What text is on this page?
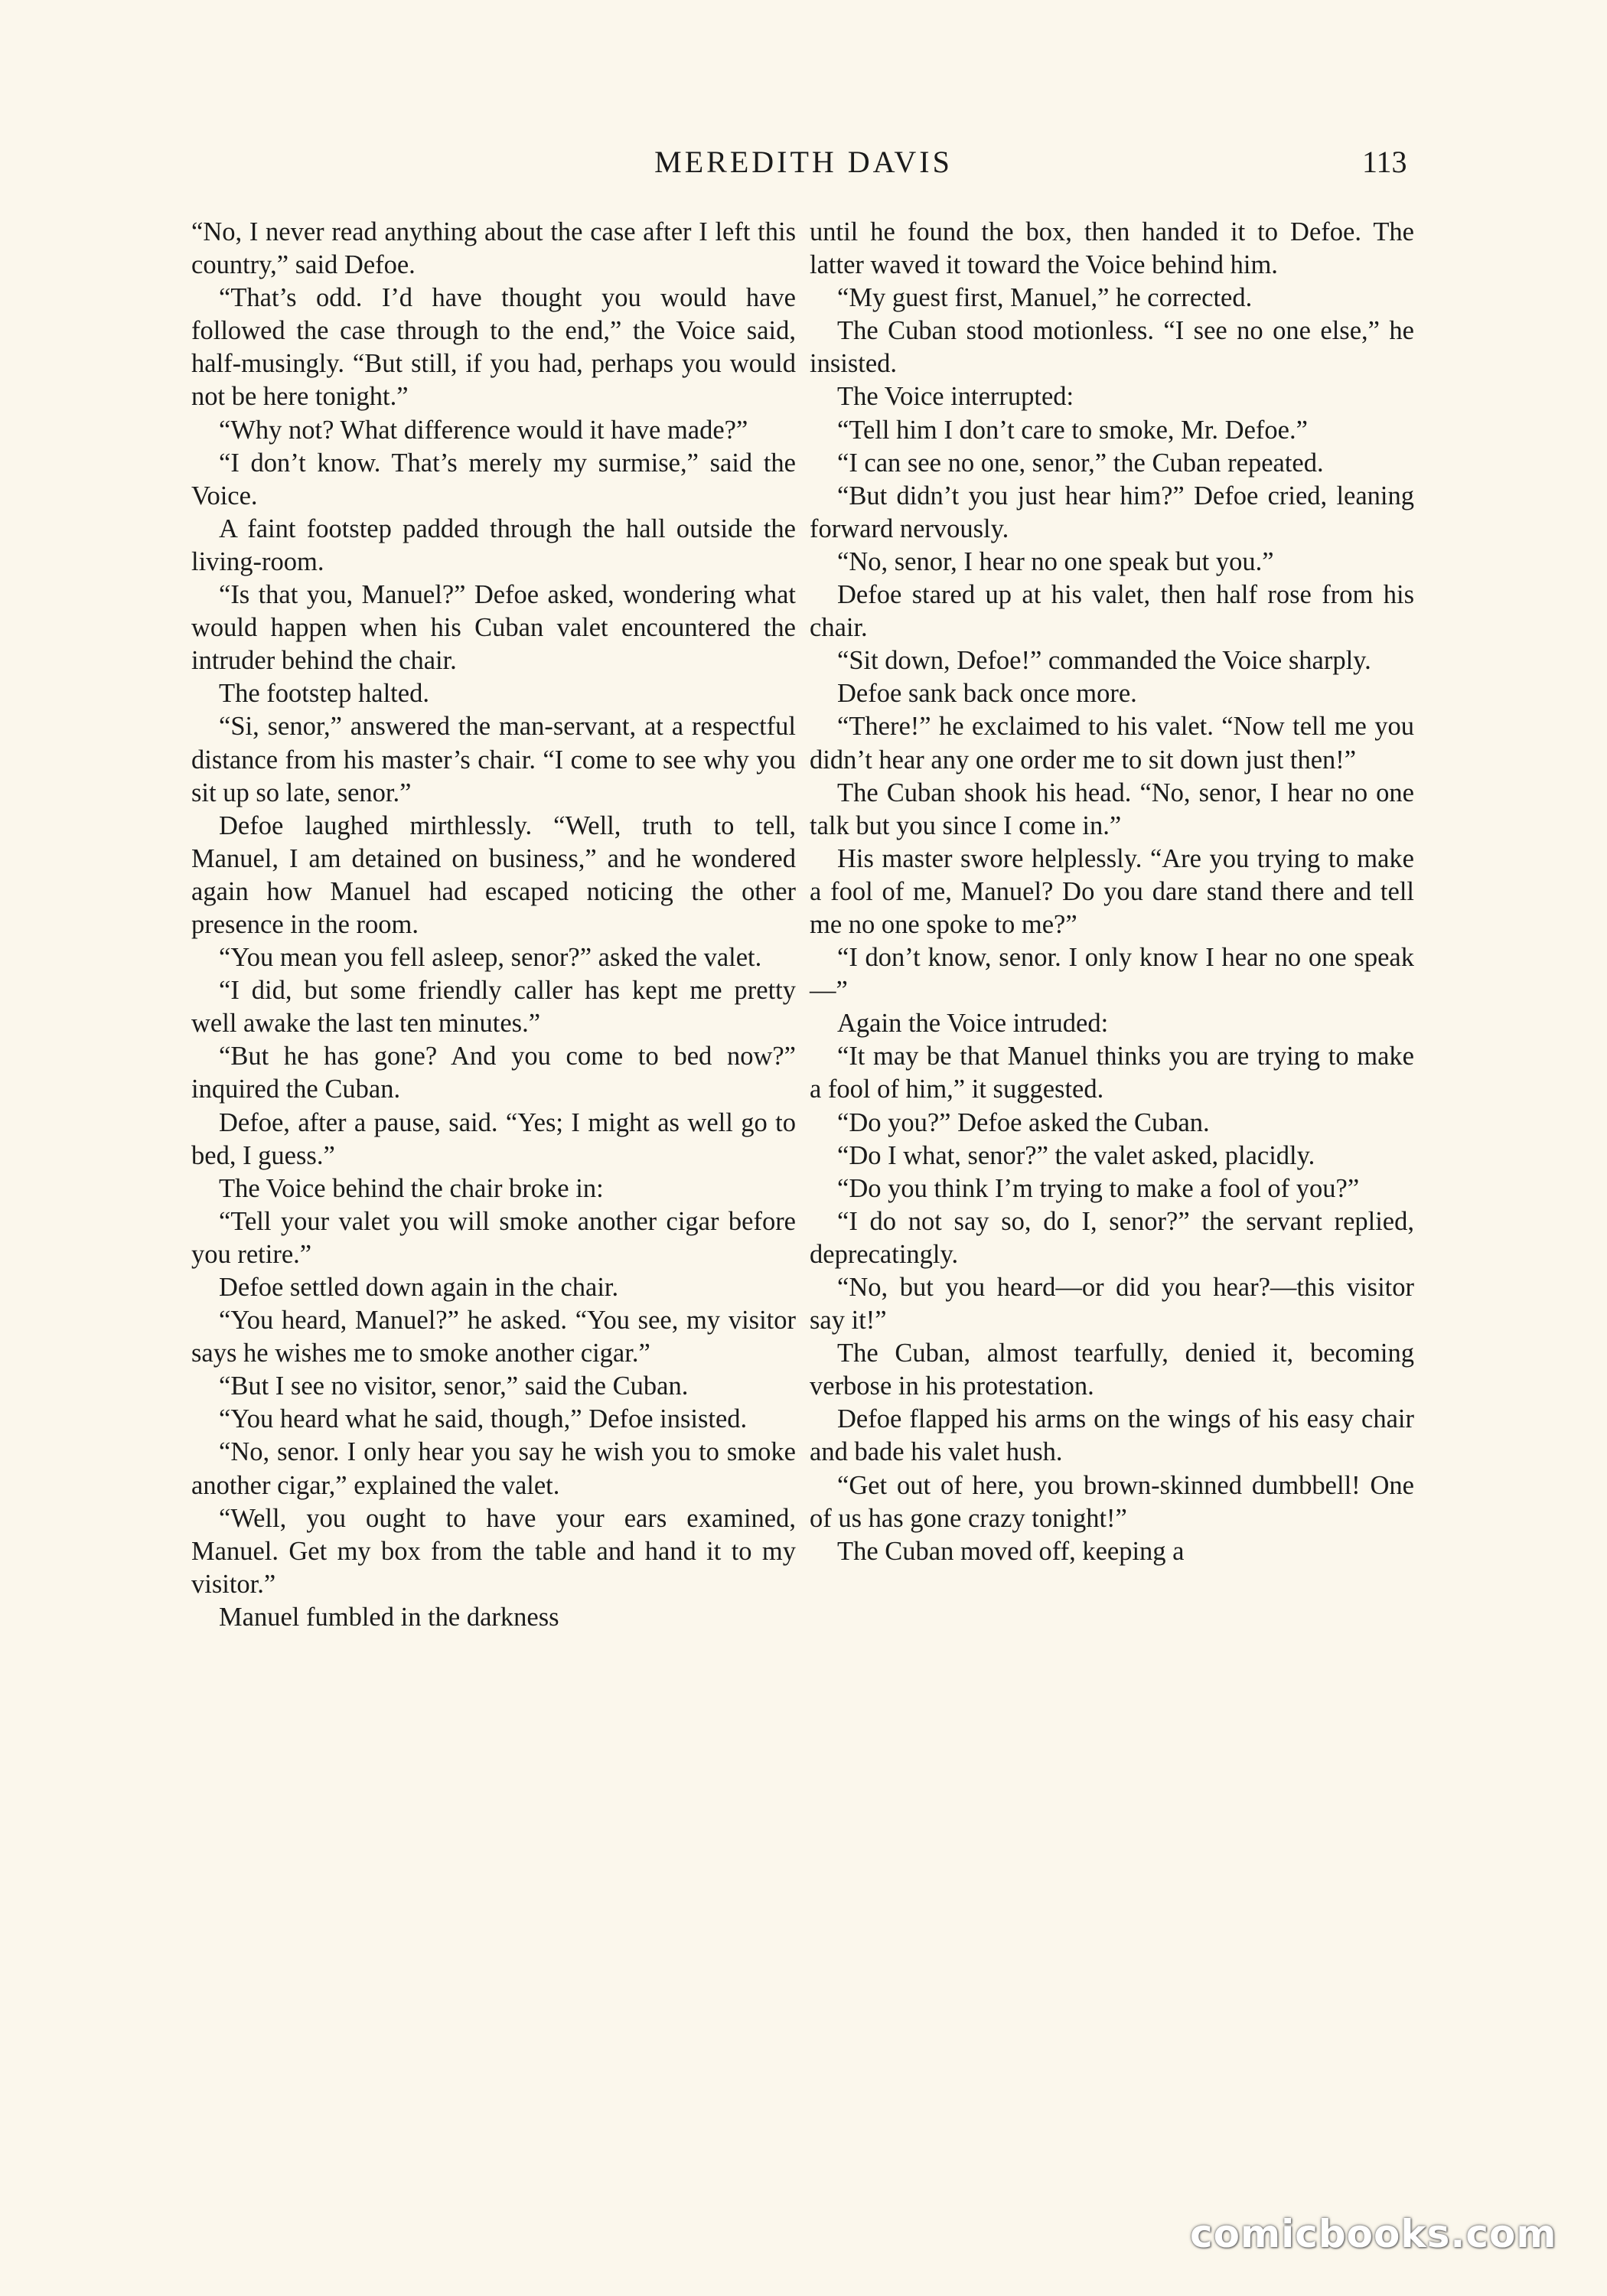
MEREDITH DAVIS	113

“No, I never read anything about the case after I left this country,” said Defoe.

“That’s odd. I’d have thought you would have followed the case through to the end,” the Voice said, half-musingly. “But still, if you had, perhaps you would not be here tonight.”

“Why not? What difference would it have made?”

“I don’t know. That’s merely my surmise,” said the Voice.

A faint footstep padded through the hall outside the living-room.

“Is that you, Manuel?” Defoe asked, wondering what would happen when his Cuban valet encountered the intruder behind the chair.

The footstep halted.

“Si, senor,” answered the man-servant, at a respectful distance from his master’s chair. “I come to see why you sit up so late, senor.”

Defoe laughed mirthlessly. “Well, truth to tell, Manuel, I am detained on business,” and he wondered again how Manuel had escaped noticing the other presence in the room.

“You mean you fell asleep, senor?” asked the valet.

“I did, but some friendly caller has kept me pretty well awake the last ten minutes.”

“But he has gone? And you come to bed now?” inquired the Cuban.

Defoe, after a pause, said. “Yes; I might as well go to bed, I guess.”

The Voice behind the chair broke in:

“Tell your valet you will smoke another cigar before you retire.”

Defoe settled down again in the chair.

“You heard, Manuel?” he asked. “You see, my visitor says he wishes me to smoke another cigar.”

“But I see no visitor, senor,” said the Cuban.

“You heard what he said, though,” Defoe insisted.

“No, senor. I only hear you say he wish you to smoke another cigar,” explained the valet.

“Well, you ought to have your ears examined, Manuel. Get my box from the table and hand it to my visitor.”

Manuel fumbled in the darkness

until he found the box, then handed it to Defoe. The latter waved it toward the Voice behind him.

“My guest first, Manuel,” he corrected.

The Cuban stood motionless. “I see no one else,” he insisted.

The Voice interrupted:

“Tell him I don’t care to smoke, Mr. Defoe.”

“I can see no one, senor,” the Cuban repeated.

“But didn’t you just hear him?” Defoe cried, leaning forward nervously.

“No, senor, I hear no one speak but you.”

Defoe stared up at his valet, then half rose from his chair.

“Sit down, Defoe!” commanded the Voice sharply.

Defoe sank back once more.

“There!” he exclaimed to his valet. “Now tell me you didn’t hear any one order me to sit down just then!”

The Cuban shook his head. “No, senor, I hear no one talk but you since I come in.”

His master swore helplessly. “Are you trying to make a fool of me, Manuel? Do you dare stand there and tell me no one spoke to me?”

“I don’t know, senor. I only know I hear no one speak—”

Again the Voice intruded:

“It may be that Manuel thinks you are trying to make a fool of him,” it suggested.

“Do you?” Defoe asked the Cuban.

“Do I what, senor?” the valet asked, placidly.

“Do you think I’m trying to make a fool of you?”

“I do not say so, do I, senor?” the servant replied, deprecatingly.

“No, but you heard—or did you hear?—this visitor say it!”

The Cuban, almost tearfully, denied it, becoming verbose in his protestation.

Defoe flapped his arms on the wings of his easy chair and bade his valet hush.

“Get out of here, you brown-skinned dumbbell! One of us has gone crazy tonight!”

The Cuban moved off, keeping a

comicbooks.com
